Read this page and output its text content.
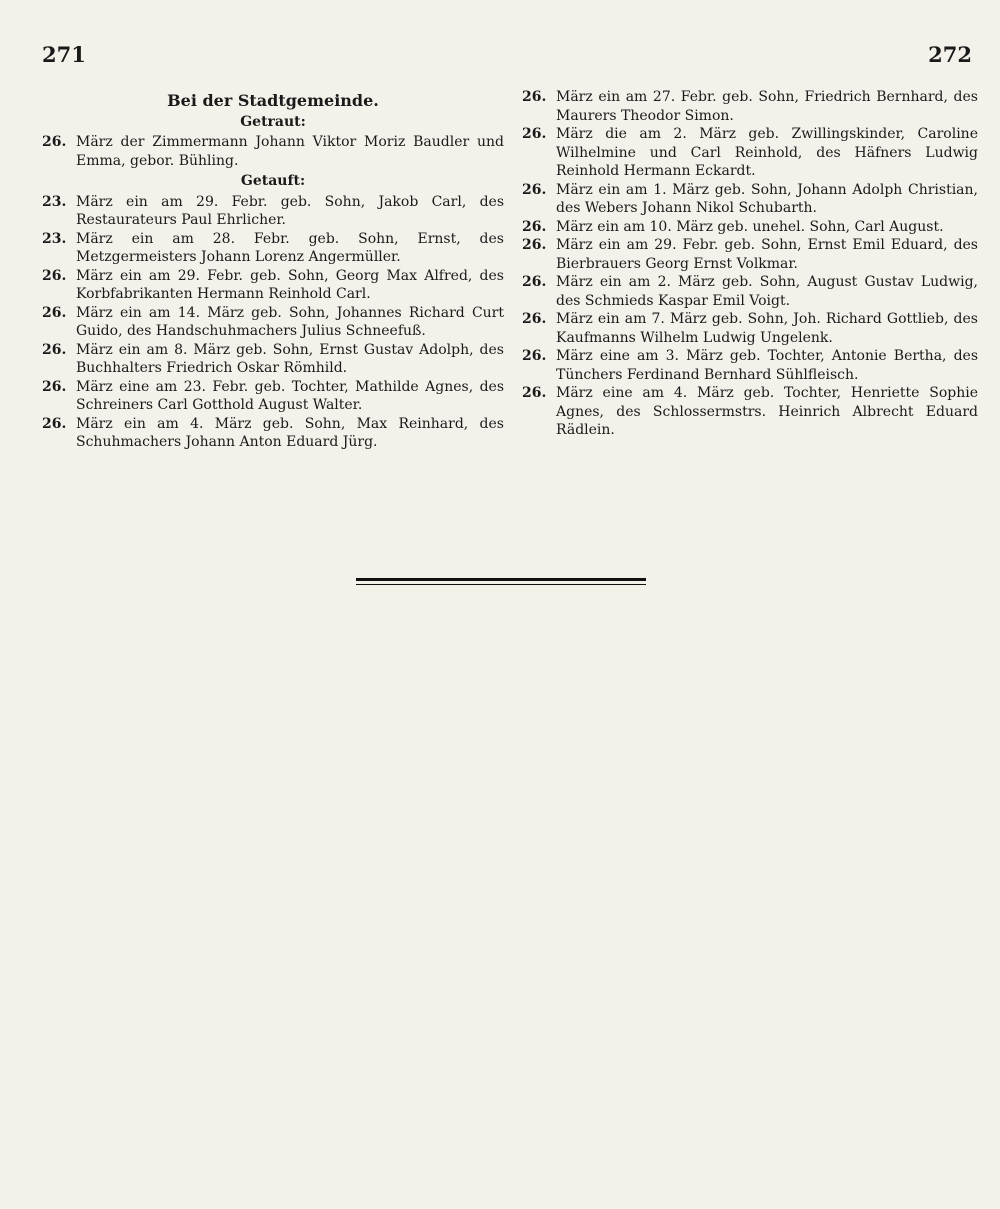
271	272
Bei der Stadtgemeinde.
Getraut:
26. März der Zimmermann Johann Viktor Moriz Baudler und Emma, gebor. Bühling.
Getauft:
23. März ein am 29. Febr. geb. Sohn, Jakob Carl, des Restaurateurs Paul Ehrlicher.
23. März ein am 28. Febr. geb. Sohn, Ernst, des Metzgermeisters Johann Lorenz Angermüller.
26. März ein am 29. Febr. geb. Sohn, Georg Max Alfred, des Korbfabrikanten Hermann Reinhold Carl.
26. März ein am 14. März geb. Sohn, Johannes Richard Curt Guido, des Handschuhmachers Julius Schneefuß.
26. März ein am 8. März geb. Sohn, Ernst Gustav Adolph, des Buchhalters Friedrich Oskar Römhild.
26. März eine am 23. Febr. geb. Tochter, Mathilde Agnes, des Schreiners Carl Gotthold August Walter.
26. März ein am 4. März geb. Sohn, Max Reinhard, des Schuhmachers Johann Anton Eduard Jürg.
26. März ein am 27. Febr. geb. Sohn, Friedrich Bernhard, des Maurers Theodor Simon.
26. März die am 2. März geb. Zwillingskinder, Caroline Wilhelmine und Carl Reinhold, des Häfners Ludwig Reinhold Hermann Eckardt.
26. März ein am 1. März geb. Sohn, Johann Adolph Christian, des Webers Johann Nikol Schubarth.
26. März ein am 10. März geb. unehel. Sohn, Carl August.
26. März ein am 29. Febr. geb. Sohn, Ernst Emil Eduard, des Bierbrauers Georg Ernst Volkmar.
26. März ein am 2. März geb. Sohn, August Gustav Ludwig, des Schmieds Kaspar Emil Voigt.
26. März ein am 7. März geb. Sohn, Joh. Richard Gottlieb, des Kaufmanns Wilhelm Ludwig Ungelenk.
26. März eine am 3. März geb. Tochter, Antonie Bertha, des Tünchers Ferdinand Bernhard Sühlfleisch.
26. März eine am 4. März geb. Tochter, Henriette Sophie Agnes, des Schlossermstrs. Heinrich Albrecht Eduard Rädlein.
